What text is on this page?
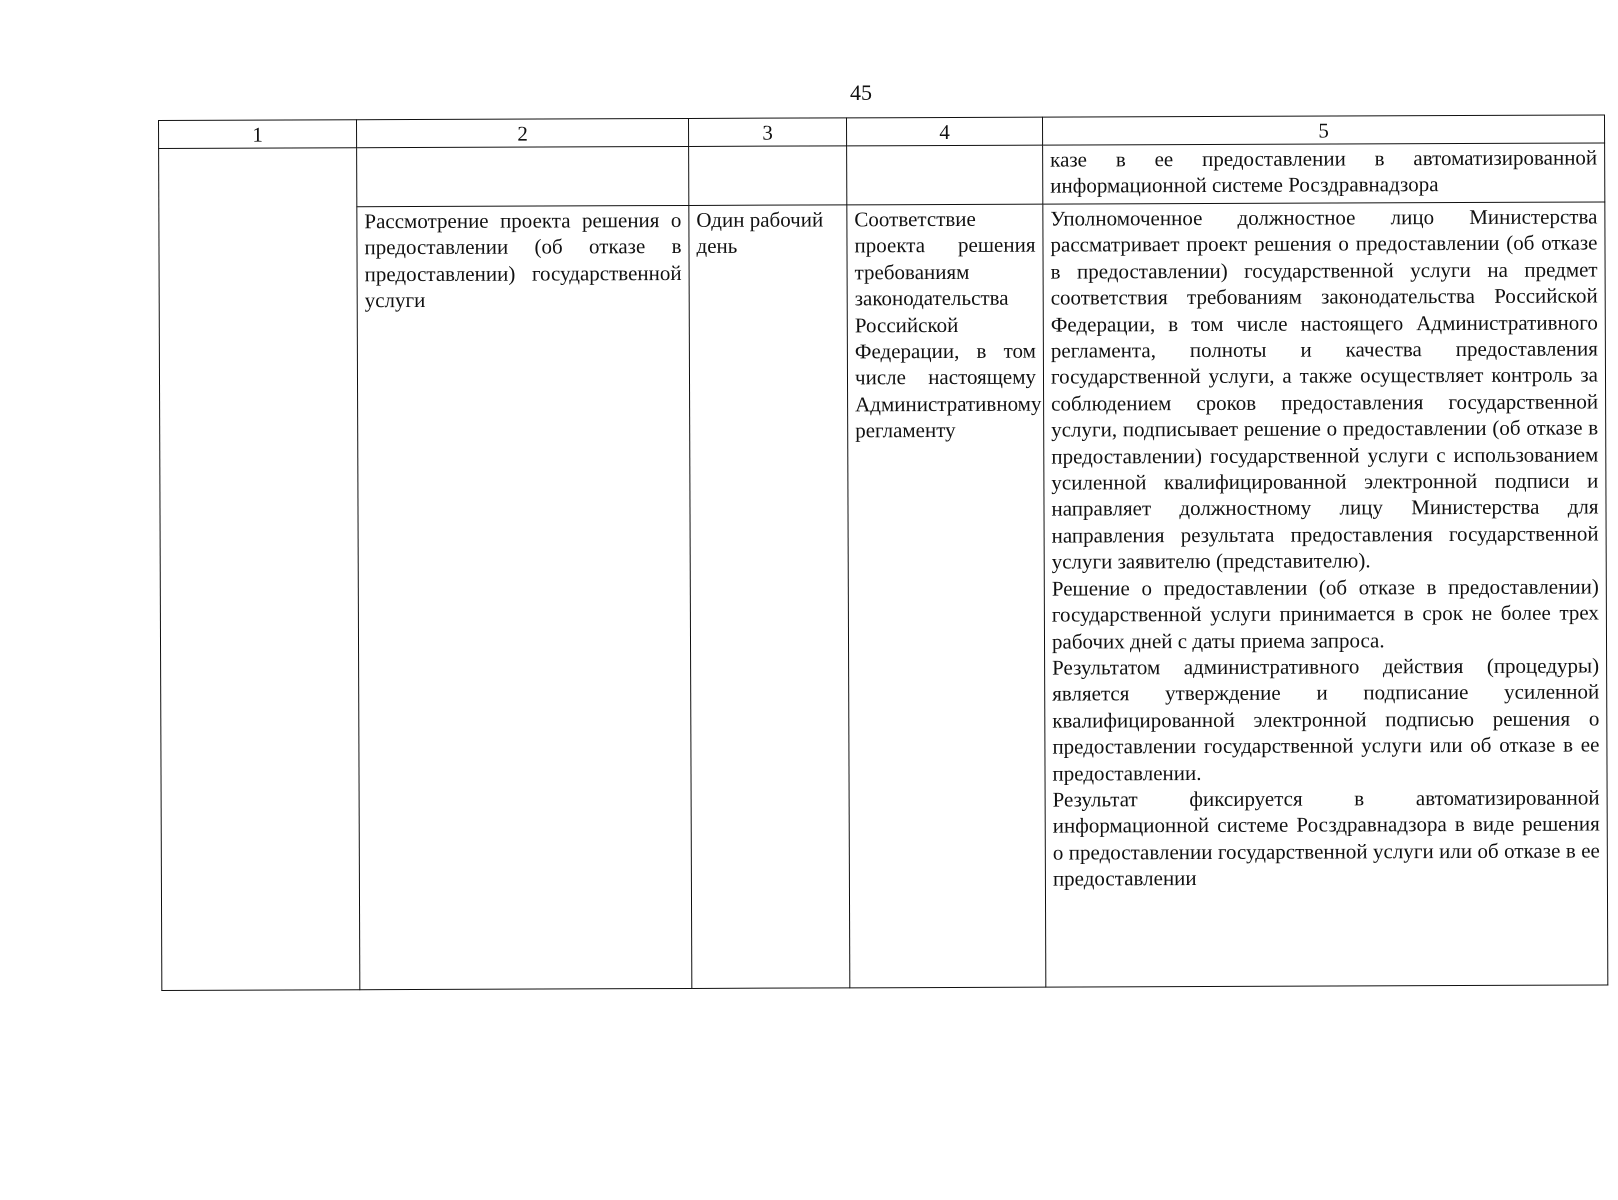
45
1	2	3	4	5

				казе в ее предоставлении в автоматизированной информационной системе Росздравнадзора

	Рассмотрение проекта решения о предоставлении (об отказе в предоставлении) государственной услуги	Один рабочий день	Соответствие проекта решения требованиям законодательства Российской Федерации, в том числе настоящему Административному регламенту	Уполномоченное должностное лицо Министерства рассматривает проект решения о предоставлении (об отказе в предоставлении) государственной услуги на предмет соответствия требованиям законодательства Российской Федерации, в том числе настоящего Административного регламента, полноты и качества предоставления государственной услуги, а также осуществляет контроль за соблюдением сроков предоставления государственной услуги, подписывает решение о предоставлении (об отказе в предоставлении) государственной услуги с использованием усиленной квалифицированной электронной подписи и направляет должностному лицу Министерства для направления результата предоставления государственной услуги заявителю (представителю).

Решение о предоставлении (об отказе в предоставлении) государственной услуги принимается в срок не более трех рабочих дней с даты приема запроса.

Результатом административного действия (процедуры) является утверждение и подписание усиленной квалифицированной электронной подписью решения о предоставлении государственной услуги или об отказе в ее предоставлении.

Результат фиксируется в автоматизированной информационной системе Росздравнадзора в виде решения о предоставлении государственной услуги или об отказе в ее предоставлении
